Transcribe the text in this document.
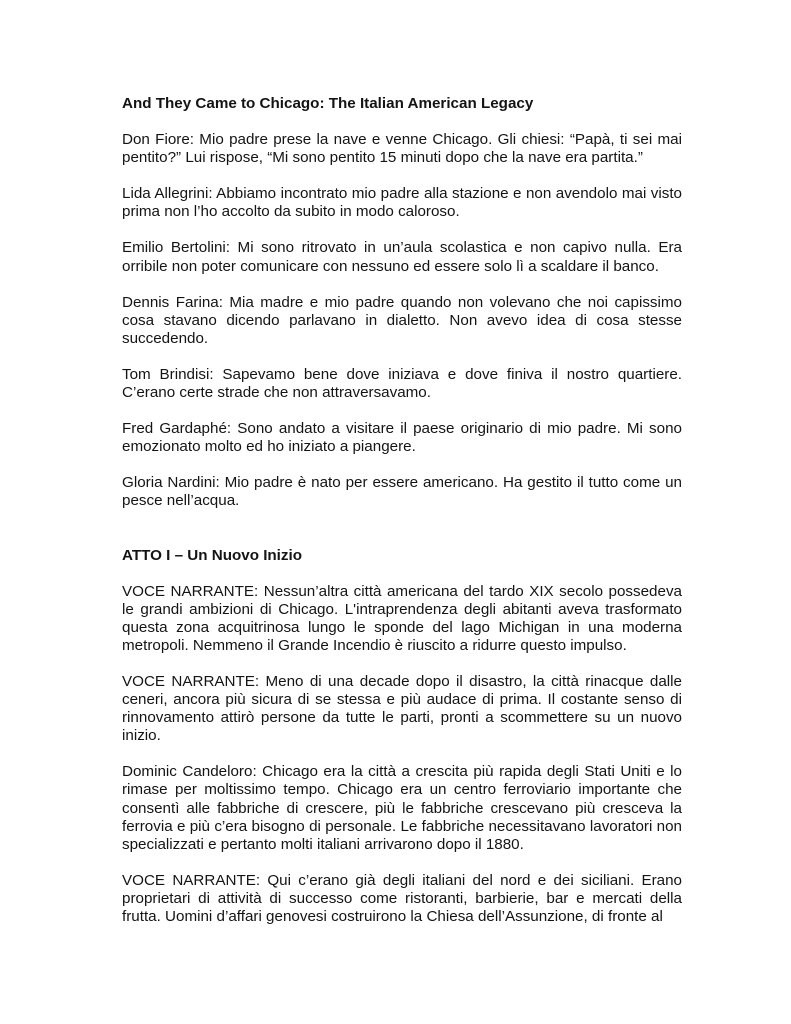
And They Came to Chicago: The Italian American Legacy
Don Fiore: Mio padre prese la nave e venne Chicago. Gli chiesi: “Papà, ti sei mai pentito?” Lui rispose, “Mi sono pentito 15 minuti dopo che la nave era partita.”
Lida Allegrini: Abbiamo incontrato mio padre alla stazione e non avendolo mai visto prima non l’ho accolto da subito in modo caloroso.
Emilio Bertolini: Mi sono ritrovato in un’aula scolastica e non capivo nulla. Era orribile non poter comunicare con nessuno ed essere solo lì a scaldare il banco.
Dennis Farina: Mia madre e mio padre quando non volevano che noi capissimo cosa stavano dicendo parlavano in dialetto. Non avevo idea di cosa stesse succedendo.
Tom Brindisi: Sapevamo bene dove iniziava e dove finiva il nostro quartiere. C’erano certe strade che non attraversavamo.
Fred Gardaphé: Sono andato a visitare il paese originario di mio padre. Mi sono emozionato molto ed ho iniziato a piangere.
Gloria Nardini: Mio padre è nato per essere americano. Ha gestito il tutto come un pesce nell’acqua.
ATTO I – Un Nuovo Inizio
VOCE NARRANTE: Nessun’altra città americana del tardo XIX secolo possedeva le grandi ambizioni di Chicago. L'intraprendenza degli abitanti aveva trasformato questa zona acquitrinosa lungo le sponde del lago Michigan in una moderna metropoli. Nemmeno il Grande Incendio è riuscito a ridurre questo impulso.
VOCE NARRANTE: Meno di una decade dopo il disastro, la città rinacque dalle ceneri, ancora più sicura di se stessa e più audace di prima. Il costante senso di rinnovamento attirò persone da tutte le parti, pronti a scommettere su un nuovo inizio.
Dominic Candeloro: Chicago era la città a crescita più rapida degli Stati Uniti e lo rimase per moltissimo tempo. Chicago era un centro ferroviario importante che consentì alle fabbriche di crescere, più le fabbriche crescevano più cresceva la ferrovia e più c’era bisogno di personale. Le fabbriche necessitavano lavoratori non specializzati e pertanto molti italiani arrivarono dopo il 1880.
VOCE NARRANTE: Qui c’erano già degli italiani del nord e dei siciliani. Erano proprietari di attività di successo come ristoranti, barbierie, bar e mercati della frutta. Uomini d’affari genovesi costruirono la Chiesa dell’Assunzione, di fronte al
